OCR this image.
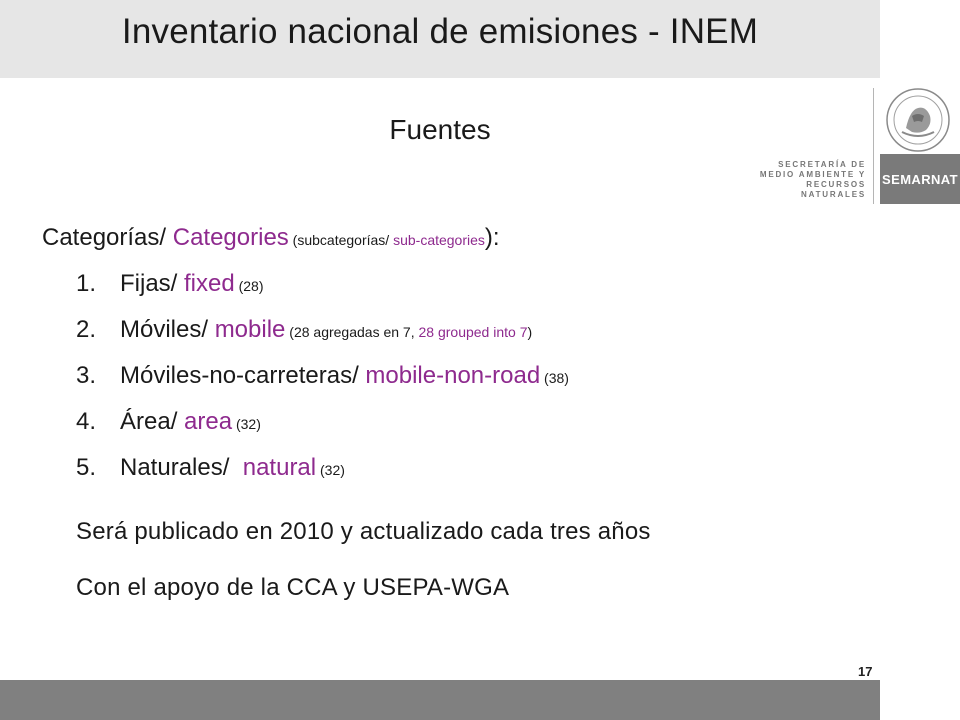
Inventario nacional de emisiones - INEM
SECRETARÍA DE
MEDIO AMBIENTE Y
RECURSOS NATURALES
SEMARNAT
Fuentes
Categorías/ Categories (subcategorías/ sub-categories):
1. Fijas/ fixed (28)
2. Móviles/ mobile (28 agregadas en 7, 28 grouped into 7)
3. Móviles-no-carreteras/ mobile-non-road (38)
4. Área/ area (32)
5. Naturales/  natural (32)
Será publicado en 2010 y actualizado cada tres años
Con el apoyo de la CCA y USEPA-WGA
17
